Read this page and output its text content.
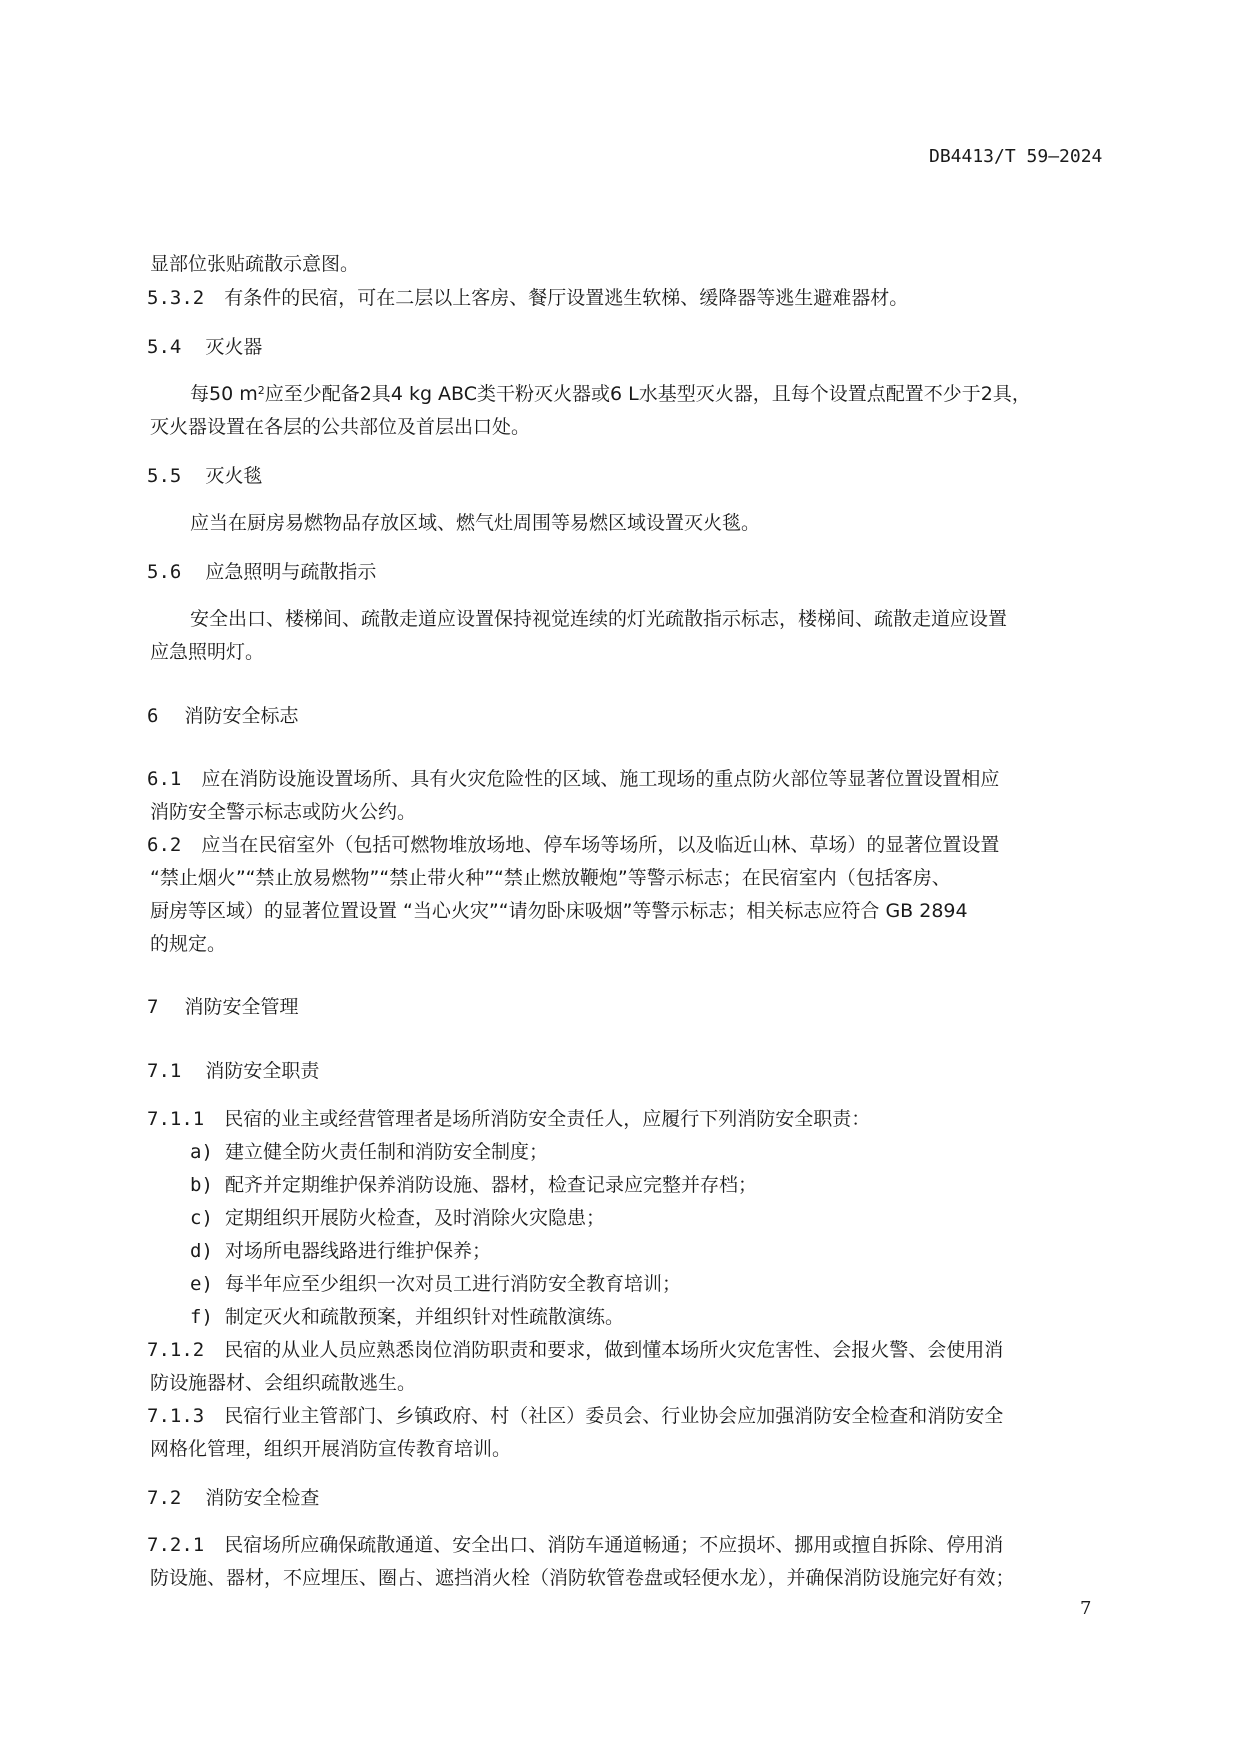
DB4413/T 59—2024
显部位张贴疏散示意图。
5.3.2 有条件的民宿，可在二层以上客房、餐厅设置逃生软梯、缓降器等逃生避难器材。
5.4 灭火器
每50 $m^2$应至少配备2具4 kg ABC类干粉灭火器或6 L水基型灭火器，且每个设置点配置不少于2具，
灭火器设置在各层的公共部位及首层出口处。
5.5 灭火毯
应当在厨房易燃物品存放区域、燃气灶周围等易燃区域设置灭火毯。
5.6 应急照明与疏散指示
安全出口、楼梯间、疏散走道应设置保持视觉连续的灯光疏散指示标志，楼梯间、疏散走道应设置
应急照明灯。
6 消防安全标志
6.1 应在消防设施设置场所、具有火灾危险性的区域、施工现场的重点防火部位等显著位置设置相应
消防安全警示标志或防火公约。
6.2 应当在民宿室外（包括可燃物堆放场地、停车场等场所，以及临近山林、草场）的显著位置设置
“禁止烟火”“禁止放易燃物”“禁止带火种”“禁止燃放鞭炮”等警示标志；在民宿室内（包括客房、
厨房等区域）的显著位置设置 “当心火灾”“请勿卧床吸烟”等警示标志；相关标志应符合 GB 2894
的规定。
7 消防安全管理
7.1 消防安全职责
7.1.1 民宿的业主或经营管理者是场所消防安全责任人，应履行下列消防安全职责：
a) 建立健全防火责任制和消防安全制度；
b) 配齐并定期维护保养消防设施、器材，检查记录应完整并存档；
c) 定期组织开展防火检查，及时消除火灾隐患；
d) 对场所电器线路进行维护保养；
e) 每半年应至少组织一次对员工进行消防安全教育培训；
f) 制定灭火和疏散预案，并组织针对性疏散演练。
7.1.2 民宿的从业人员应熟悉岗位消防职责和要求，做到懂本场所火灾危害性、会报火警、会使用消
防设施器材、会组织疏散逃生。
7.1.3 民宿行业主管部门、乡镇政府、村（社区）委员会、行业协会应加强消防安全检查和消防安全
网格化管理，组织开展消防宣传教育培训。
7.2 消防安全检查
7.2.1 民宿场所应确保疏散通道、安全出口、消防车通道畅通；不应损坏、挪用或擅自拆除、停用消
防设施、器材，不应埋压、圈占、遮挡消火栓（消防软管卷盘或轻便水龙），并确保消防设施完好有效；
7
